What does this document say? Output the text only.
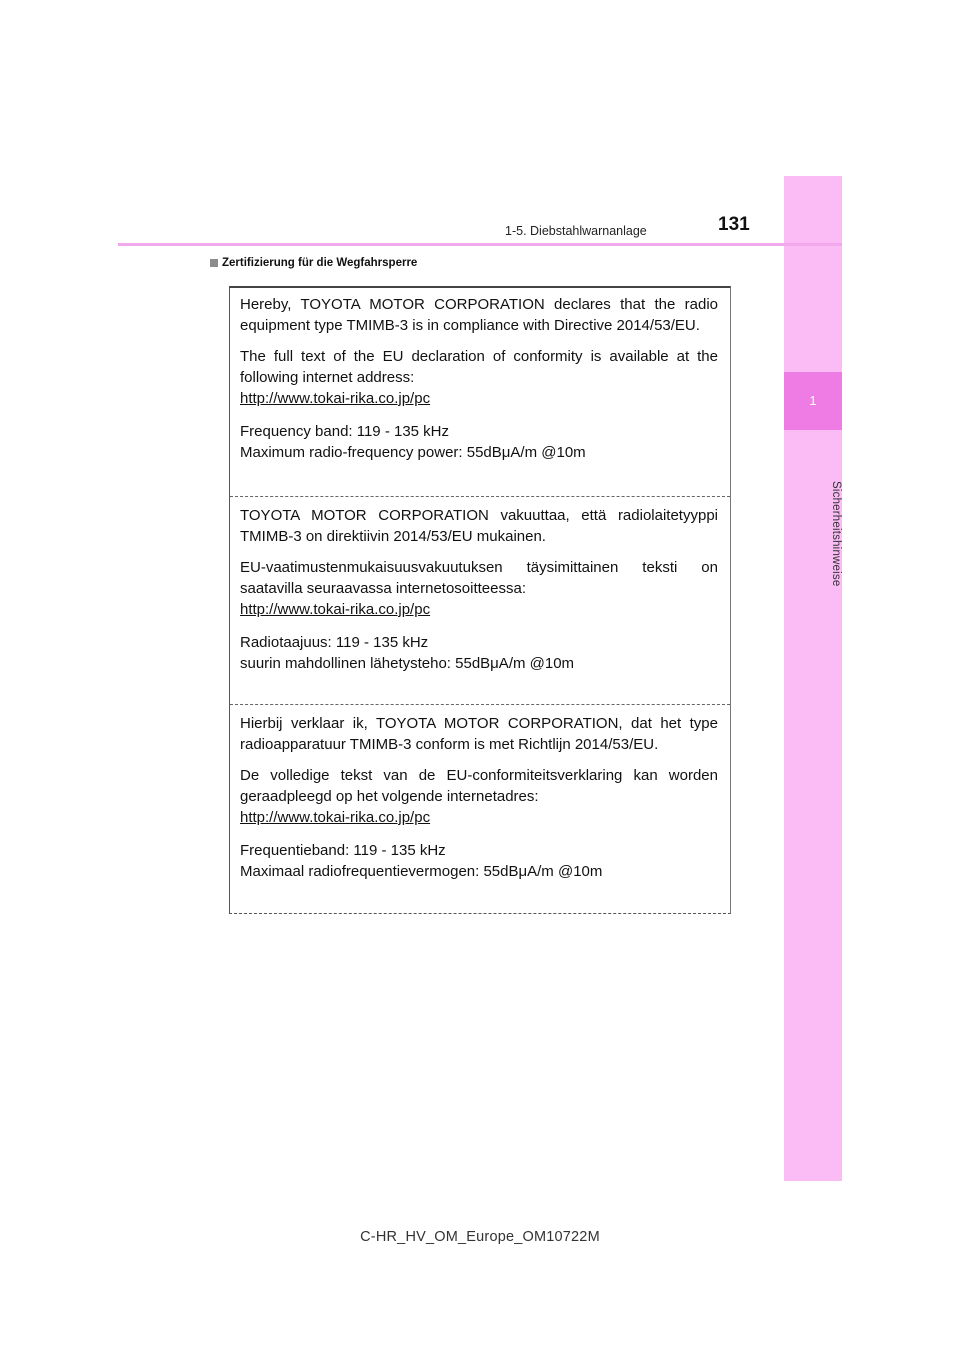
1
Sicherheitshinweise
1-5. Diebstahlwarnanlage	131
Zertifizierung für die Wegfahrsperre

Hereby, TOYOTA MOTOR CORPORATION declares that the radio equipment type TMIMB-3 is in compliance with Directive 2014/53/EU.

The full text of the EU declaration of conformity is available at the following internet address:

http://www.tokai-rika.co.jp/pc

Frequency band: 119 - 135 kHz
Maximum radio-frequency power: 55dBμA/m @10m

TOYOTA MOTOR CORPORATION vakuuttaa, että radiolaitetyyppi TMIMB-3 on direktiivin 2014/53/EU mukainen.

EU-vaatimustenmukaisuusvakuutuksen täysimittainen teksti on saatavilla seuraavassa internetosoitteessa:

http://www.tokai-rika.co.jp/pc

Radiotaajuus: 119 - 135 kHz
suurin mahdollinen lähetysteho: 55dBμA/m @10m

Hierbij verklaar ik, TOYOTA MOTOR CORPORATION, dat het type radioapparatuur TMIMB-3 conform is met Richtlijn 2014/53/EU.

De volledige tekst van de EU-conformiteitsverklaring kan worden geraadpleegd op het volgende internetadres:

http://www.tokai-rika.co.jp/pc

Frequentieband: 119 - 135 kHz
Maximaal radiofrequentievermogen: 55dBμA/m @10m
C-HR_HV_OM_Europe_OM10722M
